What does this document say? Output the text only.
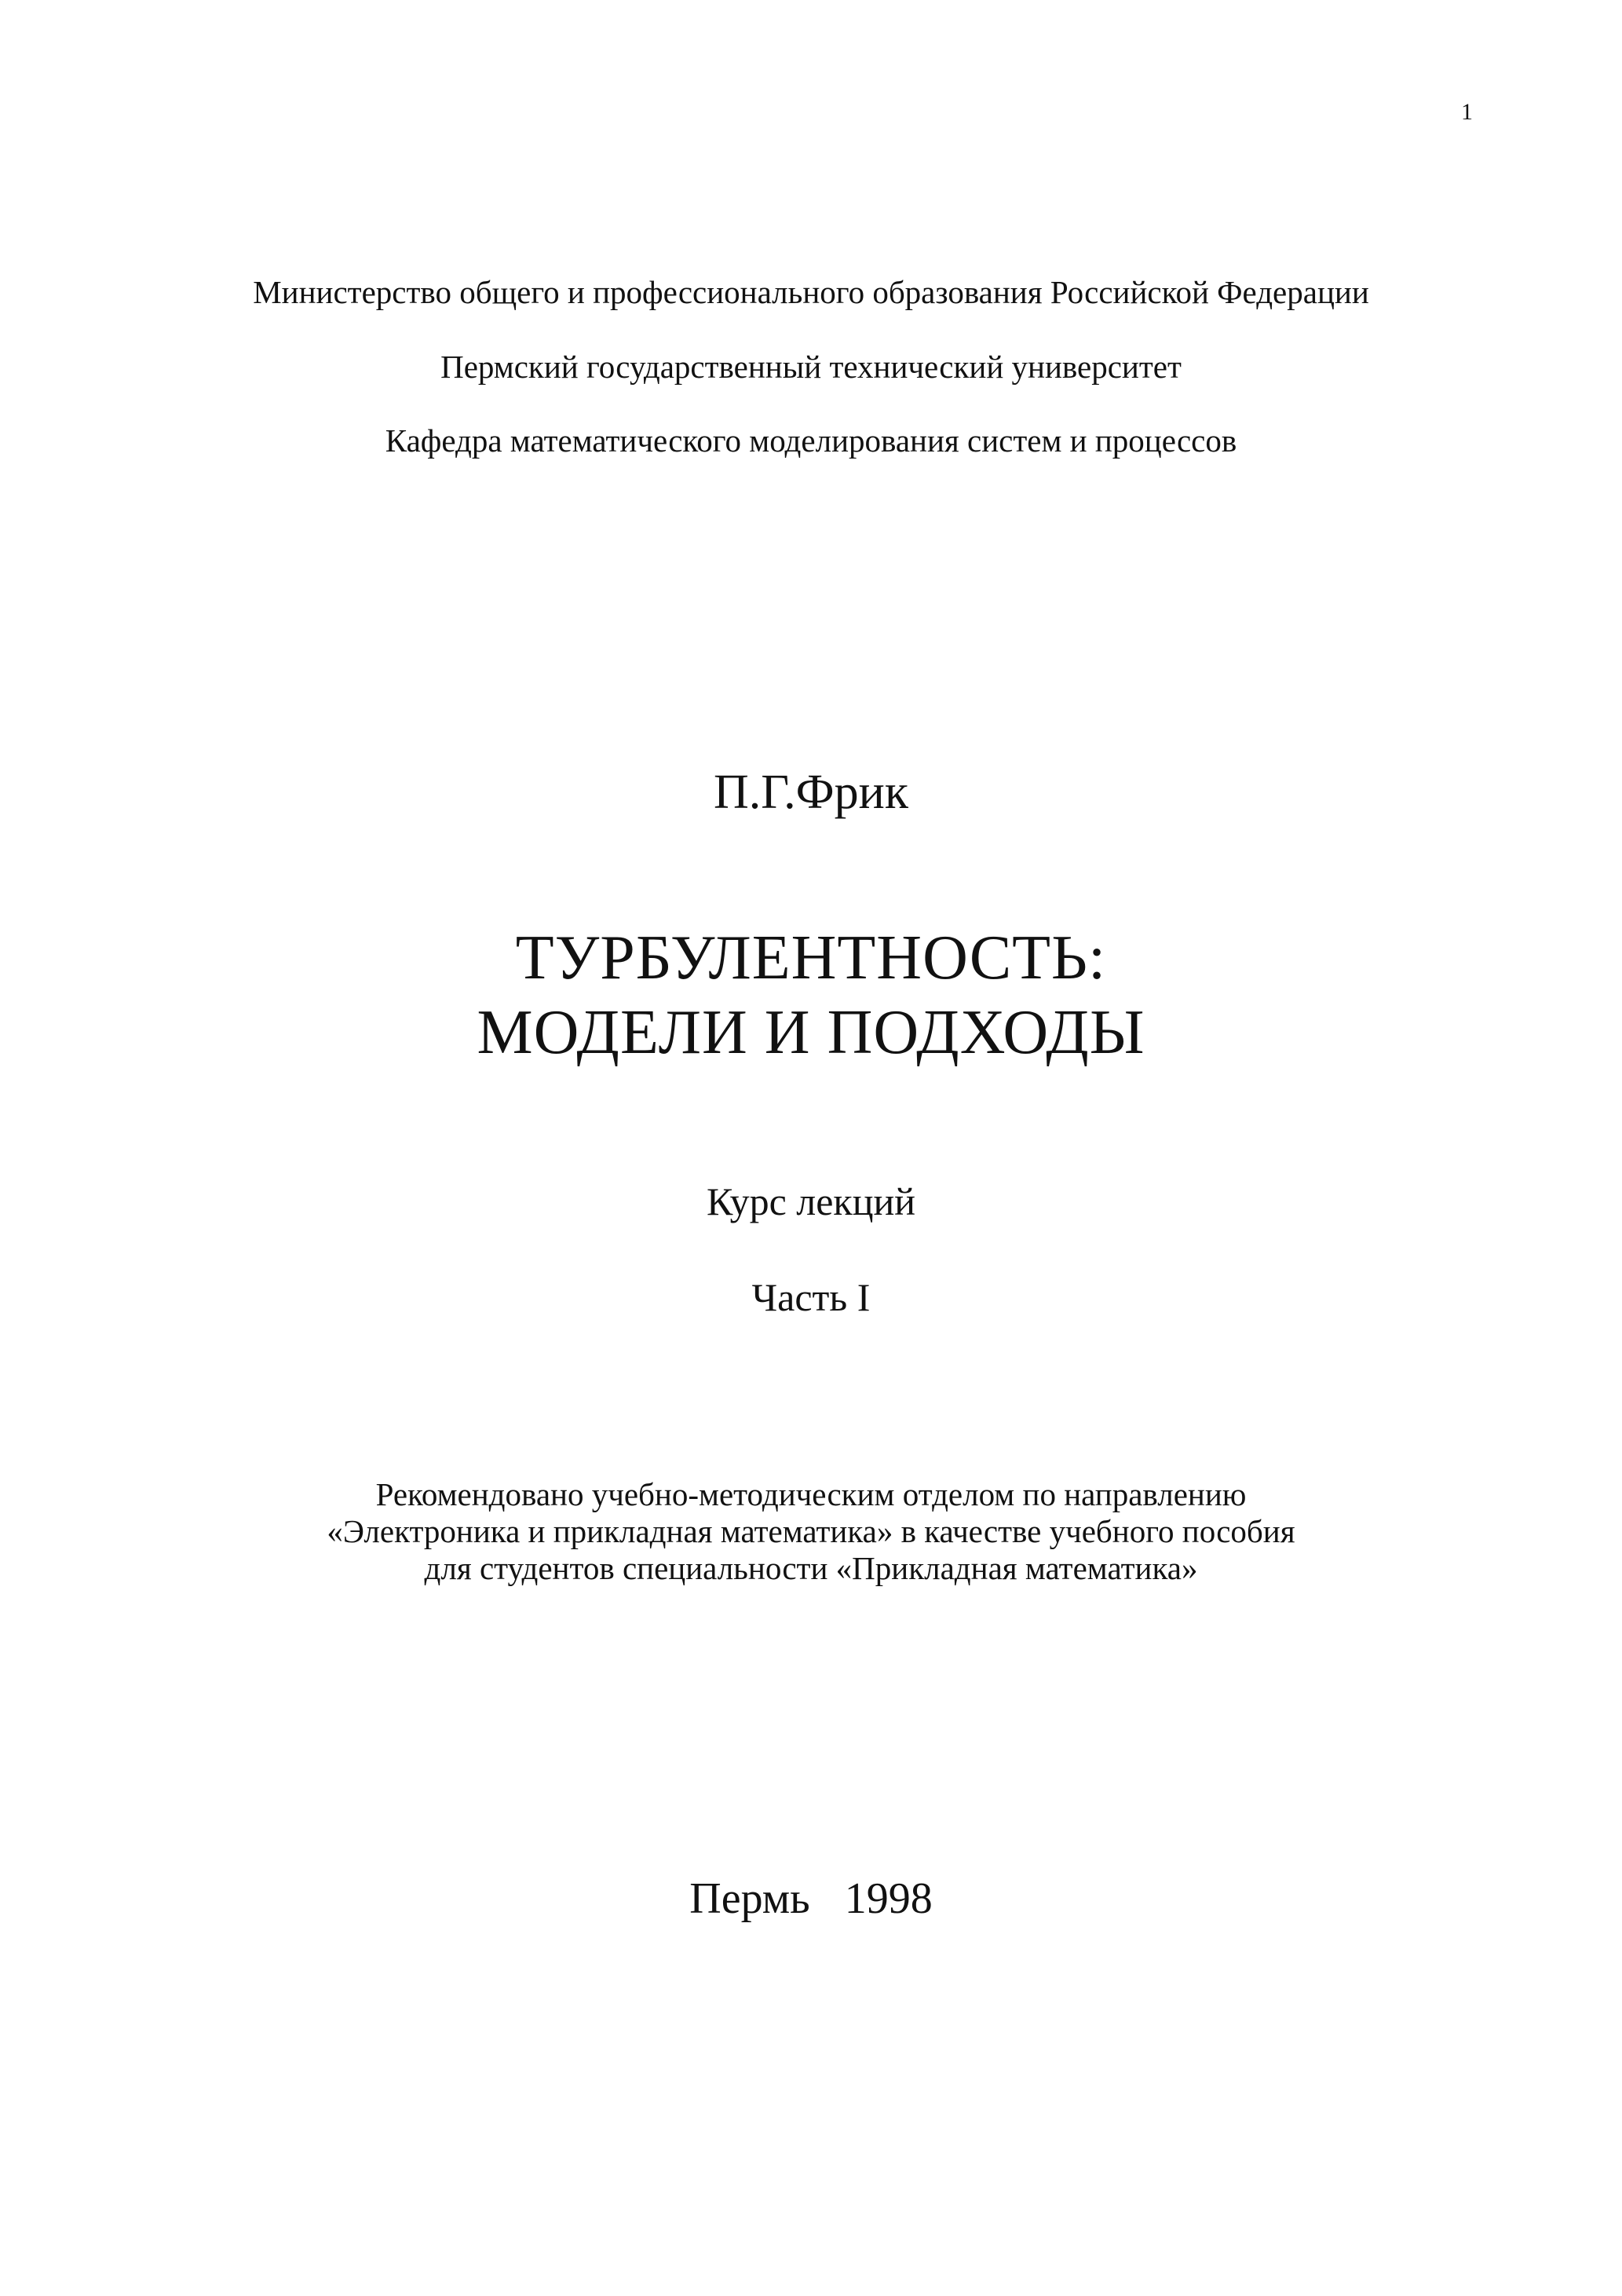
1
Министерство общего и профессионального образования Российской Федерации
Пермский государственный технический университет
Кафедра математического моделирования систем и процессов
П.Г.Фрик
ТУРБУЛЕНТНОСТЬ:
МОДЕЛИ И ПОДХОДЫ
Курс лекций
Часть I
Рекомендовано учебно-методическим отделом по направлению
«Электроника и прикладная математика» в качестве учебного пособия
для студентов специальности «Прикладная математика»
Пермь  1998
